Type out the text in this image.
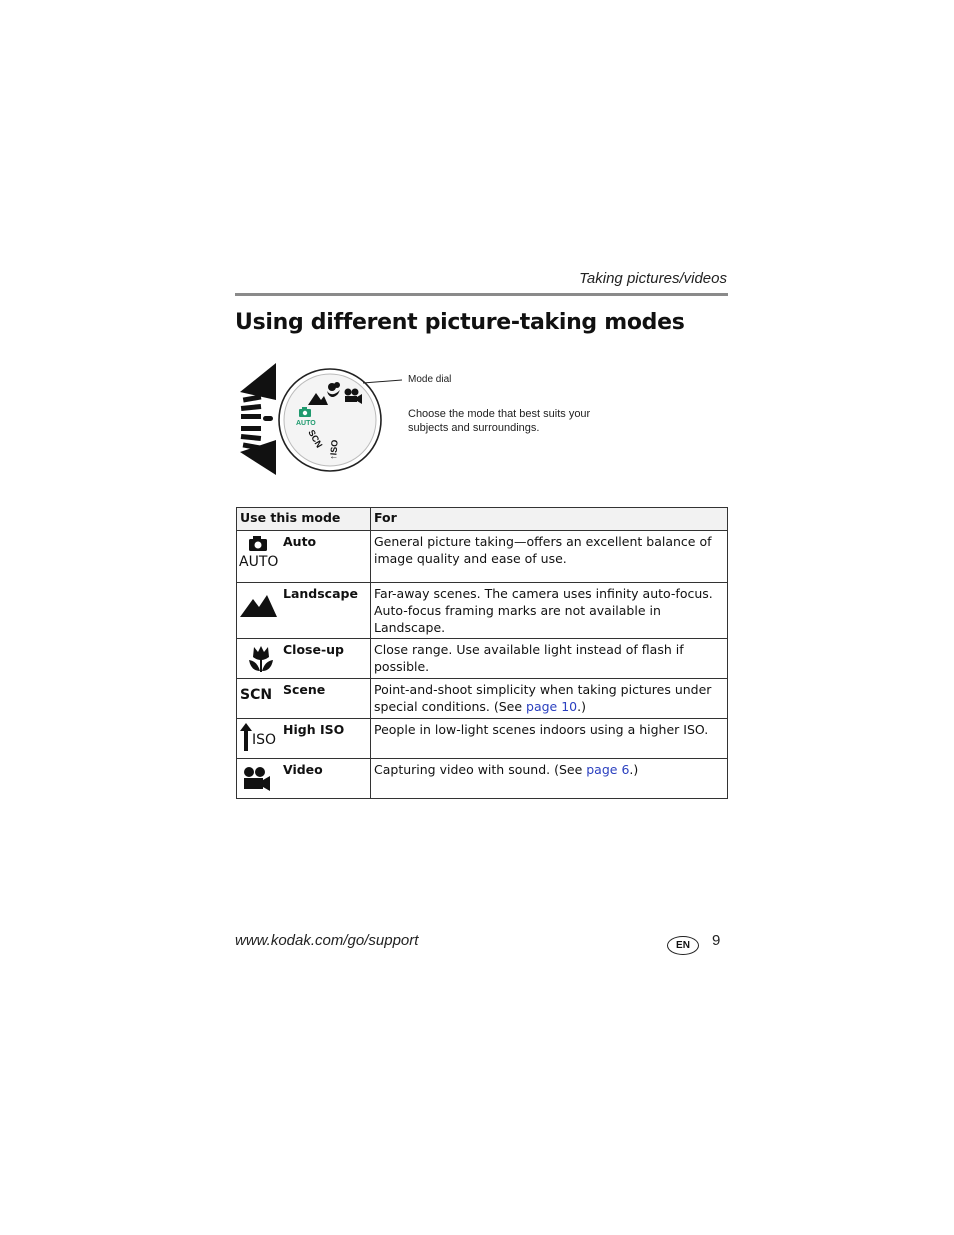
Taking pictures/videos
Using different picture-taking modes
AUTO
SCN
↑ISO
Mode dial
Choose the mode that best suits your subjects and surroundings.
Use this mode	For

AUTO
Auto	General picture taking—offers an excellent balance of image quality and ease of use.

Landscape	Far-away scenes. The camera uses infinity auto-focus. Auto-focus framing marks are not available in Landscape.

Close-up	Close range. Use available light instead of flash if possible.

SCN Scene	Point-and-shoot simplicity when taking pictures under special conditions. (See page 10.)

ISO
High ISO	People in low-light scenes indoors using a higher ISO.

Video	Capturing video with sound. (See page 6.)
www.kodak.com/go/support	EN	9
